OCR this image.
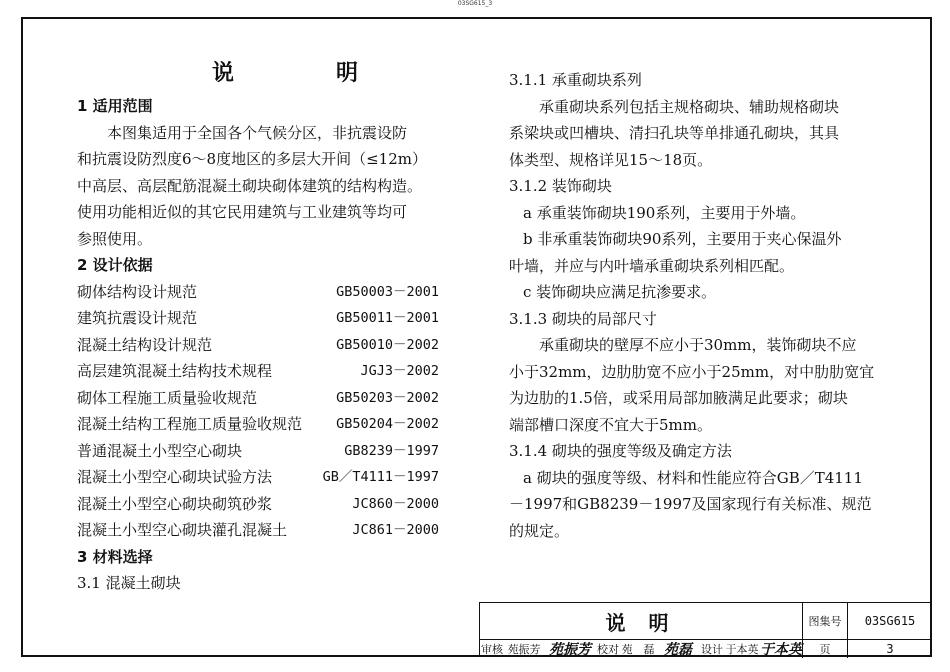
03SG615_3
说　明
1 适用范围
本图集适用于全国各个气候分区，非抗震设防
和抗震设防烈度6～8度地区的多层大开间（≤12m）
中高层、高层配筋混凝土砌块砌体建筑的结构构造。
使用功能相近似的其它民用建筑与工业建筑等均可
参照使用。
2 设计依据
砌体结构设计规范	GB50003－2001
建筑抗震设计规范	GB50011－2001
混凝土结构设计规范	GB50010－2002
高层建筑混凝土结构技术规程	JGJ3－2002
砌体工程施工质量验收规范	GB50203－2002
混凝土结构工程施工质量验收规范	GB50204－2002
普通混凝土小型空心砌块	GB8239－1997
混凝土小型空心砌块试验方法	GB／T4111－1997
混凝土小型空心砌块砌筑砂浆	JC860－2000
混凝土小型空心砌块灌孔混凝土	JC861－2000
3 材料选择
3.1 混凝土砌块
3.1.1 承重砌块系列
承重砌块系列包括主规格砌块、辅助规格砌块
系梁块或凹槽块、清扫孔块等单排通孔砌块，其具
体类型、规格详见15～18页。
3.1.2 装饰砌块
a 承重装饰砌块190系列，主要用于外墙。
b 非承重装饰砌块90系列，主要用于夹心保温外
叶墙，并应与内叶墙承重砌块系列相匹配。
c 装饰砌块应满足抗渗要求。
3.1.3 砌块的局部尺寸
承重砌块的壁厚不应小于30mm，装饰砌块不应
小于32mm，边肋肋宽不应小于25mm，对中肋肋宽宜
为边肋的1.5倍，或采用局部加腋满足此要求；砌块
端部槽口深度不宜大于5mm。
3.1.4 砌块的强度等级及确定方法
a 砌块的强度等级、材料和性能应符合GB／T4111
－1997和GB8239－1997及国家现行有关标准、规范
的规定。
说 明	图集号	03SG615
审核 苑振芳 苑振芳 校对 苑　磊 苑磊 设计 于本英 于本英	页	3
